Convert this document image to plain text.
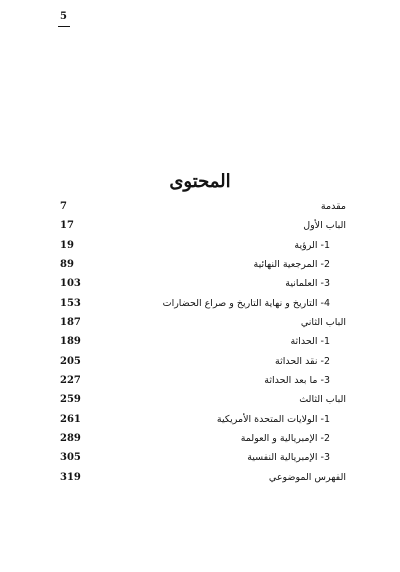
5
المحتوى
7	مقدمة
17	الباب الأول
19	1- الرؤية
89	2- المرجعية النهائية
103	3- العلمانية
153	4- التاريخ و نهاية التاريخ و صراع الحضارات
187	الباب الثاني
189	1- الحداثة
205	2- نقد الحداثة
227	3- ما بعد الحداثة
259	الباب الثالث
261	1- الولايات المتحدة الأمريكية
289	2- الإمبريالية و العولمة
305	3- الإمبريالية النفسية
319	الفهرس الموضوعي
